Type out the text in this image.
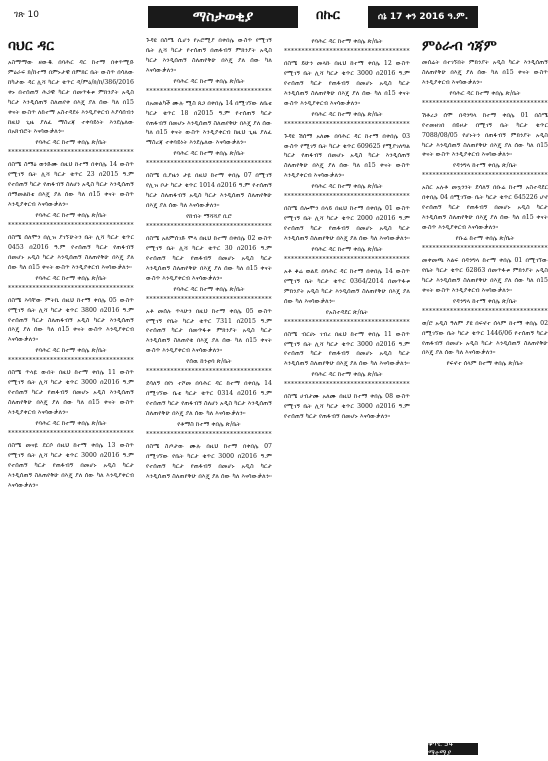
ገጽ 10	ማስታወቂያ	በኩር	ሰኔ 17 ቀን 2016 ዓ.ም.
ባህር ዳር
አስማማው ዘውዱ በባሕር ዳር ከተማ በቀጥሚድ ምዕራፍ ክ/ከተማ በምኑታዊ በምክር ቤት ውስጥ በሳለው ከካታው ዳር ሊሻ ካርታ ቁጥር ዳ/ምዕ/ክ/ከ/386/2016 ቀኑ በተሰጠኝ ሕጋዊ ካርታ በመጥፋቱ ምክንያት አዲስ ካርታ እንዲሰጠኝ ስለጠየቀ በእጄ ያለ ሰው ካለ በ15 ቀናት ውስጥ ለከተማ አስተዳደሩ እንዲያቀርብ እያሳሰብን ከዚህ ጊዜ ያለፈ ማስረጃ ተቀባይነት እንደሌለው በአክብሮት እናሳውቃለን።
የባሕር ዳር ከተማ ቀበሌ ጽ/ቤት
************************************
በስሜ ስማዕ ወንድሙ በዚህ ከተማ በቀበሌ 14 ውስጥ የሚገኝ ቤት ሊሻ ካርታ ቁጥር 23 በ2015 ዓ.ም የተሰጠኝ ካርታ የጠፋብኝ ስለሆነ አዲስ ካርታ እንዲሰጠኝ በማመልከቴ በእጄ ያለ ሰው ካለ በ15 ቀናት ውስጥ እንዲያቀርብ እናሳውቃለን።
የባሕር ዳር ከተማ ቀበሌ ጽ/ቤት
************************************
በስሜ ሰለሞን በሊዝ ያገኘሁትን ቤት ሊሻ ካርታ ቁጥር 0453 በ2016 ዓ.ም የተሰጠኝ ካርታ የጠፋብኝ በመሆኑ አዲስ ካርታ እንዲሰጠኝ ስለጠየቅሁ በእጄ ያለ ሰው ካለ በ15 ቀናት ውስጥ እንዲያቀርብ እናሳውቃለን።
የባሕር ዳር ከተማ ቀበሌ ጽ/ቤት
************************************
በስሜ እሳቸው ምትኬ በዚህ ከተማ ቀበሌ 05 ውስጥ የሚገኝ ቤት ሊሻ ካርታ ቁጥር 3800 በ2016 ዓ.ም የተሰጠኝ ካርታ ስለጠፋብኝ አዲስ ካርታ እንዲሰጠኝ በእጄ ያለ ሰው ካለ በ15 ቀናት ውስጥ እንዲያቀርብ እናሳውቃለን።
የባሕር ዳር ከተማ ቀበሌ ጽ/ቤት
************************************
በስሜ ጥላዬ ውበት በዚህ ከተማ ቀበሌ 11 ውስጥ የሚገኝ ቤት ሊሻ ካርታ ቁጥር 3000 በ2016 ዓ.ም የተሰጠኝ ካርታ የጠፋብኝ በመሆኑ አዲስ እንዲሰጠኝ ስለጠየቅሁ በእጄ ያለ ሰው ካለ በ15 ቀናት ውስጥ እንዲያቀርብ እናሳውቃለን።
የባሕር ዳር ከተማ ቀበሌ ጽ/ቤት
************************************
በስሜ መናዬ ደርሶ በዚህ ከተማ ቀበሌ 13 ውስጥ የሚገኝ ቤት ሊሻ ካርታ ቁጥር 3000 በ2016 ዓ.ም የተሰጠኝ ካርታ የጠፋብኝ በመሆኑ አዲስ ካርታ እንዲሰጠኝ ስለጠየቅሁ በእጄ ያለ ሰው ካለ እንዲያቀርብ እናሳውቃለን።
ጉዳዩ በስሜ ሲሆን የኦሮሚያ በቀበሌ ውስጥ የሚገኝ ቤት ሊሻ ካርታ የተሰጠኝ በጠፋብኝ ምክንያት አዲስ ካርታ እንዲሰጠኝ ስለጠየቅሁ በእጄ ያለ ሰው ካለ እናሳውቃለን።
የባሕር ዳር ከተማ ቀበሌ ጽ/ቤት
************************************
በአመልካች ሙሉ ሚስ ጸጋ በቀበሌ 14 በሚገኘው ለቤቴ ካርታ ቁጥር 18 በ2015 ዓ.ም የተሰጠኝ ካርታ የጠፋብኝ በመሆኑ እንዲሰጠኝ ስለጠየቅሁ በእጄ ያለ ሰው ካለ በ15 ቀናት ውስጥ እንዲያቀርብ ከዚህ ጊዜ ያለፈ ማስረጃ ተቀባይነት እንደሌለው እናሳውቃለን።
የባሕር ዳር ከተማ ቀበሌ ጽ/ቤት
************************************
በስሜ ቢያዜን ታዬ በዚህ ከተማ ቀበሌ 07 በሚገኝ የሊዝ ቦታ ካርታ ቁጥር 1014 በ2016 ዓ.ም የተሰጠኝ ካርታ ስለጠፋብኝ አዲስ ካርታ እንዲሰጠኝ ስለጠየቅሁ በእጄ ያለ ሰው ካለ እናሳውቃለን።
የከብት ማሻሻያ ቢሮ
************************************
በስሜ አለምሰገድ ሞላ በዚህ ከተማ በቀበሌ 02 ውስጥ የሚገኝ ቤት ሊሻ ካርታ ቁጥር 30 በ2016 ዓ.ም የተሰጠኝ ካርታ የጠፋብኝ በመሆኑ አዲስ ካርታ እንዲሰጠኝ ስለጠየቅሁ በእጄ ያለ ሰው ካለ በ15 ቀናት ውስጥ እንዲያቀርብ እናሳውቃለን።
የባሕር ዳር ከተማ ቀበሌ ጽ/ቤት
************************************
አቶ መሰሉ ጥላሁን በዚህ ከተማ ቀበሌ 05 ውስጥ የሚገኝ የቤት ካርታ ቁጥር 7311 በ2015 ዓ.ም የተሰጠኝ ካርታ በመጥፋቱ ምክንያት አዲስ ካርታ እንዲሰጠኝ ስለጠየቁ በእጄ ያለ ሰው ካለ በ15 ቀናት ውስጥ እንዲያቀርብ እናሳውቃለን።
የሰዉ ከንቲባ ጽ/ቤት
************************************
ደሳለኝ በየነ ተሾመ በባሕር ዳር ከተማ በቀበሌ 14 በሚገኘው ቤቴ ካርታ ቁጥር 0314 በ2016 ዓ.ም የተሰጠኝ ካርታ የጠፋብኝ ስለሆነ አዲስ ካርታ እንዲሰጠኝ ስለጠየቅሁ በእጄ ያለ ሰው ካለ እናሳውቃለን።
የቶማስ ከተማ ቀበሌ ጽ/ቤት
************************************
በስሜ ስጦታው ሙሉ በዚህ ከተማ በቀበሌ 07 በሚገኘው የቤት ካርታ ቁጥር 3000 በ2016 ዓ.ም የተሰጠኝ ካርታ የጠፋብኝ በመሆኑ አዲስ ካርታ እንዲሰጠኝ ስለጠየቅሁ በእጄ ያለ ሰው ካለ እናሳውቃለን።
የባሕር ዳር ከተማ ቀበሌ ጽ/ቤት
************************************
በስሜ ይሁን መላኩ በዚህ ከተማ ቀበሌ 12 ውስጥ የሚገኝ ቤት ሊሻ ካርታ ቁጥር 3000 በ2016 ዓ.ም የተሰጠኝ ካርታ የጠፋብኝ በመሆኑ አዲስ ካርታ እንዲሰጠኝ ስለጠየቅሁ በእጄ ያለ ሰው ካለ በ15 ቀናት ውስጥ እንዲያቀርብ እናሳውቃለን።
የባሕር ዳር ከተማ ቀበሌ ጽ/ቤት
************************************
ጉዳዩ ሽሰማ አለሙ በባሕር ዳር ከተማ በቀበሌ 03 ውስጥ የሚገኝ ቤት ካርታ ቁጥር 609625 የሚያገለግል ካርታ የጠፋብኝ በመሆኑ አዲስ ካርታ እንዲሰጠኝ ስለጠየቅሁ በእጄ ያለ ሰው ካለ በ15 ቀናት ውስጥ እንዲያቀርብ እናሳውቃለን።
የባሕር ዳር ከተማ ቀበሌ ጽ/ቤት
************************************
በስሜ ሰሎሞን በላይ በዚህ ከተማ በቀበሌ 01 ውስጥ የሚገኝ ቤት ሊሻ ካርታ ቁጥር 2000 በ2016 ዓ.ም የተሰጠኝ ካርታ የጠፋብኝ በመሆኑ አዲስ ካርታ እንዲሰጠኝ ስለጠየቅሁ በእጄ ያለ ሰው ካለ እናሳውቃለን።
የባሕር ዳር ከተማ ቀበሌ ጽ/ቤት
************************************
አቶ ቆሬ ወልዴ በባሕር ዳር ከተማ በቀበሌ 14 ውስጥ የሚገኝ ቤት ካርታ ቁጥር 0364/2014 በመጥፋቱ ምክንያት አዲስ ካርታ እንዲሰጠኝ ስለጠየቅሁ በእጄ ያለ ሰው ካለ እናሳውቃለን።
የአስተዳደር ጽ/ቤት
************************************
በስሜ ብርሀኑ ገብረ በዚህ ከተማ ቀበሌ 11 ውስጥ የሚገኝ ቤት ሊሻ ካርታ ቁጥር 3000 በ2016 ዓ.ም የተሰጠኝ ካርታ የጠፋብኝ በመሆኑ አዲስ ካርታ እንዲሰጠኝ ስለጠየቅሁ በእጄ ያለ ሰው ካለ እናሳውቃለን።
የባሕር ዳር ከተማ ቀበሌ ጽ/ቤት
************************************
በስሜ ሀብታሙ አለሙ በዚህ ከተማ ቀበሌ 08 ውስጥ የሚገኝ ቤት ሊሻ ካርታ ቁጥር 3000 በ2016 ዓ.ም የተሰጠኝ ካርታ የጠፋብኝ በመሆኑ እናሳውቃለን።
ምዕራብ ጎጃም
መሰሬት በተገኘበት ምክንያት አዲስ ካርታ እንዲሰጠኝ ስለጠየቅሁ በእጄ ያለ ሰው ካለ በ15 ቀናት ውስጥ እንዲያቀርብ እናሳውቃለን።
የባሕር ዳር ከተማ ቀበሌ ጽ/ቤት
************************************
ሽቶረጋ ሰሞ በዳንግላ ከተማ ቀበሌ 01 በስሜ የተመዘገበ በይዞታ በሚገኝ ቤት ካርታ ቁጥር 7088/08/05 የሆኑትን በጠፋብኝ ምክንያት አዲስ ካርታ እንዲሰጠኝ ስለጠየቅሁ በእጄ ያለ ሰው ካለ በ15 ቀናት ውስጥ እንዲያቀርብ እናሳውቃለን።
የዳንግላ ከተማ ቀበሌ ጽ/ቤት
************************************
አስር አሉቶ መኳንንት ደሳለኝ በቡሬ ከተማ አስተዳደር በቀበሌ 04 በሚገኘው ቤት ካርታ ቁጥር 645226 ሆኖ የተሰጠኝ ካርታ የጠፋብኝ በመሆኑ አዲስ ካርታ እንዲሰጠኝ ስለጠየቅሁ በእጄ ያለ ሰው ካለ በ15 ቀናት ውስጥ እንዲያቀርብ እናሳውቃለን።
የቡሬ ከተማ ቀበሌ ጽ/ቤት
************************************
መቀመጫ እልፍ በዳንግላ ከተማ ቀበሌ 01 በሚገኘው የቤት ካርታ ቁጥር 62863 በመጥፋቱ ምክንያት አዲስ ካርታ እንዲሰጠኝ ስለጠየቅሁ በእጄ ያለ ሰው ካለ በ15 ቀናት ውስጥ እንዲያቀርብ እናሳውቃለን።
የዳንግላ ከተማ ቀበሌ ጽ/ቤት
************************************
ወ/ሮ አዲስ ዓለም ያዩ በፍኖተ ሰላም ከተማ ቀበሌ 02 በሚገኘው ቤት ካርታ ቁጥር 1446/06 የተሰጠኝ ካርታ የጠፋብኝ በመሆኑ አዲስ ካርታ እንዲሰጠኝ ስለጠየቅሁ በእጄ ያለ ሰው ካለ እናሳውቃለን።
የፍኖተ ሰላም ከተማ ቀበሌ ጽ/ቤት
ቁጥር 54 ማተሚያ
